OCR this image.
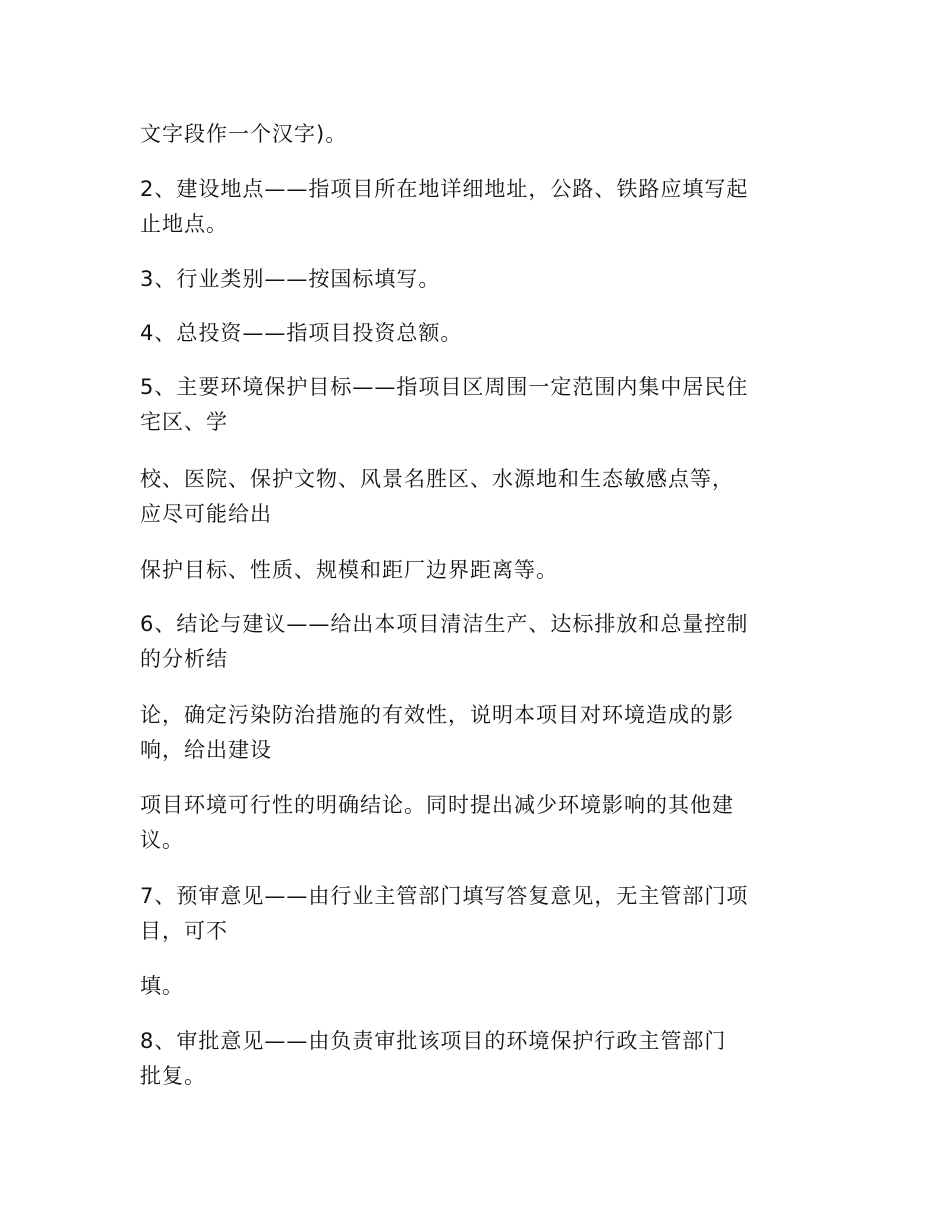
文字段作一个汉字)。

2、建设地点——指项目所在地详细地址，公路、铁路应填写起
止地点。

3、行业类别——按国标填写。

4、总投资——指项目投资总额。

5、主要环境保护目标——指项目区周围一定范围内集中居民住
宅区、学

校、医院、保护文物、风景名胜区、水源地和生态敏感点等，
应尽可能给出

保护目标、性质、规模和距厂边界距离等。

6、结论与建议——给出本项目清洁生产、达标排放和总量控制
的分析结

论，确定污染防治措施的有效性，说明本项目对环境造成的影
响，给出建设

项目环境可行性的明确结论。同时提出减少环境影响的其他建
议。

7、预审意见——由行业主管部门填写答复意见，无主管部门项
目，可不

填。

8、审批意见——由负责审批该项目的环境保护行政主管部门
批复。
